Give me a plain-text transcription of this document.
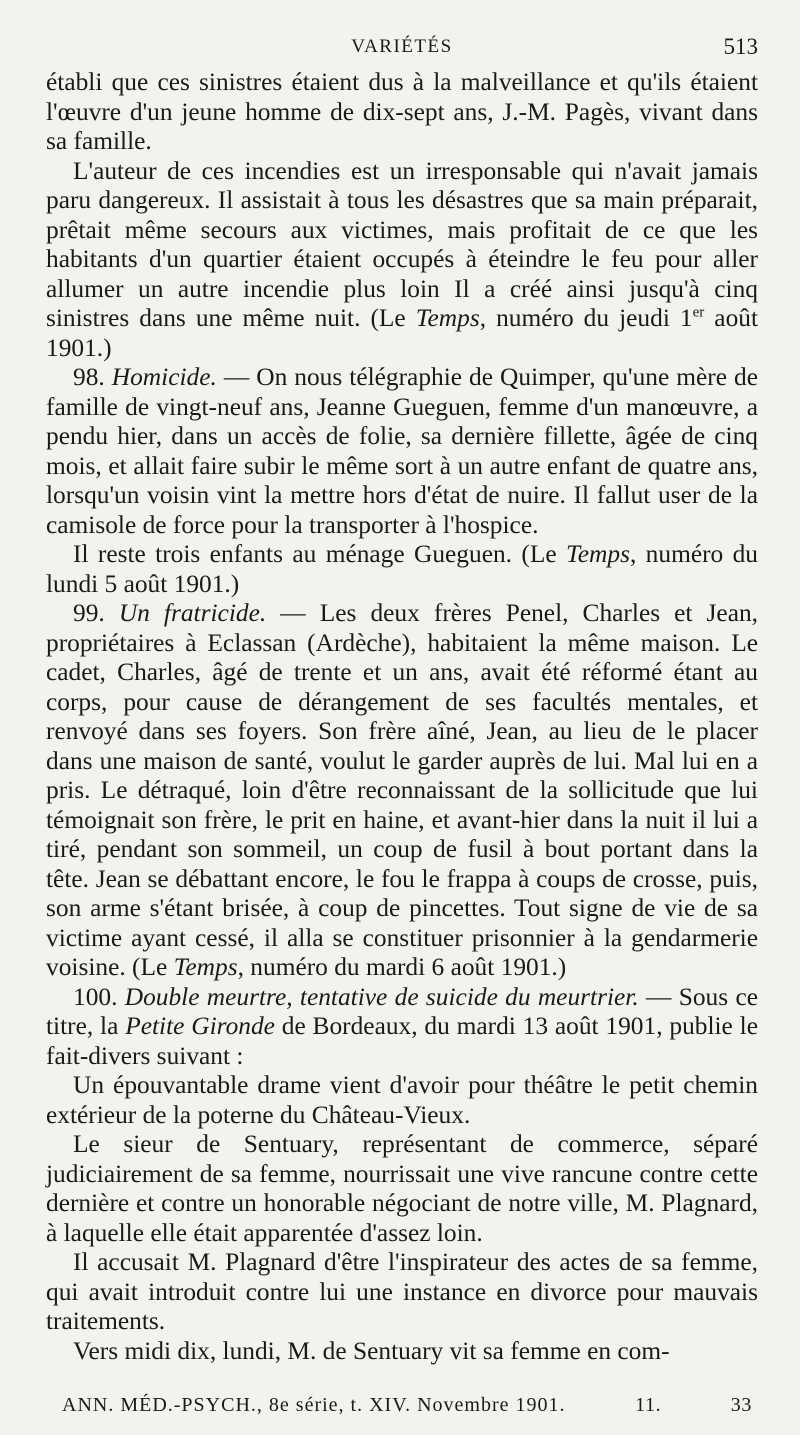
VARIÉTÉS	513

établi que ces sinistres étaient dus à la malveillance et qu'ils étaient l'œuvre d'un jeune homme de dix-sept ans, J.-M. Pagès, vivant dans sa famille.

L'auteur de ces incendies est un irresponsable qui n'avait jamais paru dangereux. Il assistait à tous les désastres que sa main préparait, prêtait même secours aux victimes, mais profitait de ce que les habitants d'un quartier étaient occupés à éteindre le feu pour aller allumer un autre incendie plus loin Il a créé ainsi jusqu'à cinq sinistres dans une même nuit. (Le Temps, numéro du jeudi 1er août 1901.)

98. Homicide. — On nous télégraphie de Quimper, qu'une mère de famille de vingt-neuf ans, Jeanne Gueguen, femme d'un manœuvre, a pendu hier, dans un accès de folie, sa dernière fillette, âgée de cinq mois, et allait faire subir le même sort à un autre enfant de quatre ans, lorsqu'un voisin vint la mettre hors d'état de nuire. Il fallut user de la camisole de force pour la transporter à l'hospice.

Il reste trois enfants au ménage Gueguen. (Le Temps, numéro du lundi 5 août 1901.)

99. Un fratricide. — Les deux frères Penel, Charles et Jean, propriétaires à Eclassan (Ardèche), habitaient la même maison. Le cadet, Charles, âgé de trente et un ans, avait été réformé étant au corps, pour cause de dérangement de ses facultés mentales, et renvoyé dans ses foyers. Son frère aîné, Jean, au lieu de le placer dans une maison de santé, voulut le garder auprès de lui. Mal lui en a pris. Le détraqué, loin d'être reconnaissant de la sollicitude que lui témoignait son frère, le prit en haine, et avant-hier dans la nuit il lui a tiré, pendant son sommeil, un coup de fusil à bout portant dans la tête. Jean se débattant encore, le fou le frappa à coups de crosse, puis, son arme s'étant brisée, à coup de pincettes. Tout signe de vie de sa victime ayant cessé, il alla se constituer prisonnier à la gendarmerie voisine. (Le Temps, numéro du mardi 6 août 1901.)

100. Double meurtre, tentative de suicide du meurtrier. — Sous ce titre, la Petite Gironde de Bordeaux, du mardi 13 août 1901, publie le fait-divers suivant :

Un épouvantable drame vient d'avoir pour théâtre le petit chemin extérieur de la poterne du Château-Vieux.

Le sieur de Sentuary, représentant de commerce, séparé judiciairement de sa femme, nourrissait une vive rancune contre cette dernière et contre un honorable négociant de notre ville, M. Plagnard, à laquelle elle était apparentée d'assez loin.

Il accusait M. Plagnard d'être l'inspirateur des actes de sa femme, qui avait introduit contre lui une instance en divorce pour mauvais traitements.

Vers midi dix, lundi, M. de Sentuary vit sa femme en com-

ANN. MÉD.-PSYCH., 8e série, t. XIV. Novembre 1901.	11.	33
